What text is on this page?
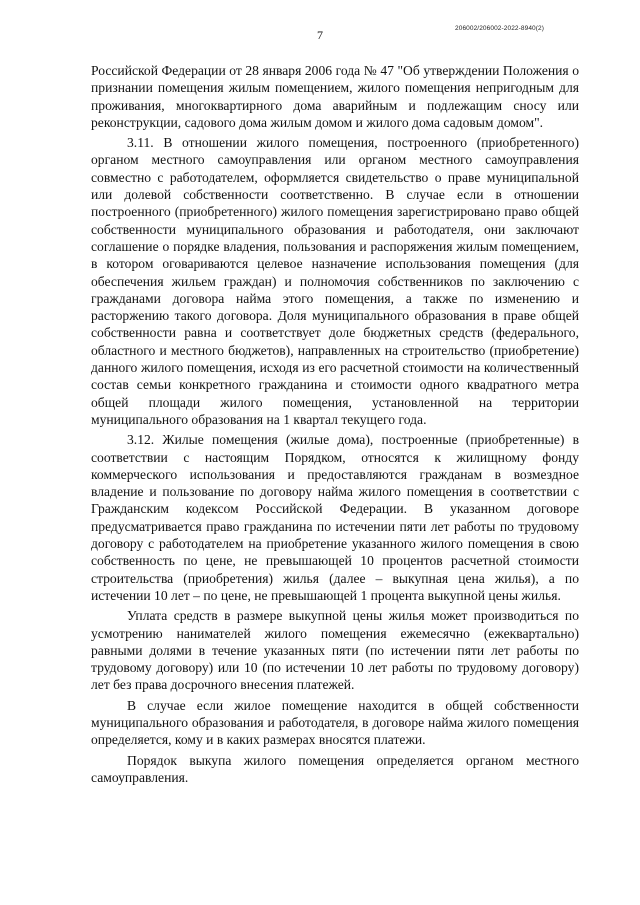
206002/206002-2022-8940(2)
7

Российской Федерации от 28 января 2006 года № 47 "Об утверждении Положения о признании помещения жилым помещением, жилого помещения непригодным для проживания, многоквартирного дома аварийным и подлежащим сносу или реконструкции, садового дома жилым домом и жилого дома садовым домом".

3.11. В отношении жилого помещения, построенного (приобретенного) органом местного самоуправления или органом местного самоуправления совместно с работодателем, оформляется свидетельство о праве муниципальной или долевой собственности соответственно. В случае если в отношении построенного (приобретенного) жилого помещения зарегистрировано право общей собственности муниципального образования и работодателя, они заключают соглашение о порядке владения, пользования и распоряжения жилым помещением, в котором оговариваются целевое назначение использования помещения (для обеспечения жильем граждан) и полномочия собственников по заключению с гражданами договора найма этого помещения, а также по изменению и расторжению такого договора. Доля муниципального образования в праве общей собственности равна и соответствует доле бюджетных средств (федерального, областного и местного бюджетов), направленных на строительство (приобретение) данного жилого помещения, исходя из его расчетной стоимости на количественный состав семьи конкретного гражданина и стоимости одного квадратного метра общей площади жилого помещения, установленной на территории муниципального образования на 1 квартал текущего года.

3.12. Жилые помещения (жилые дома), построенные (приобретенные) в соответствии с настоящим Порядком, относятся к жилищному фонду коммерческого использования и предоставляются гражданам в возмездное владение и пользование по договору найма жилого помещения в соответствии с Гражданским кодексом Российской Федерации. В указанном договоре предусматривается право гражданина по истечении пяти лет работы по трудовому договору с работодателем на приобретение указанного жилого помещения в свою собственность по цене, не превышающей 10 процентов расчетной стоимости строительства (приобретения) жилья (далее – выкупная цена жилья), а по истечении 10 лет – по цене, не превышающей 1 процента выкупной цены жилья.

Уплата средств в размере выкупной цены жилья может производиться по усмотрению нанимателей жилого помещения ежемесячно (ежеквартально) равными долями в течение указанных пяти (по истечении пяти лет работы по трудовому договору) или 10 (по истечении 10 лет работы по трудовому договору) лет без права досрочного внесения платежей.

В случае если жилое помещение находится в общей собственности муниципального образования и работодателя, в договоре найма жилого помещения определяется, кому и в каких размерах вносятся платежи.

Порядок выкупа жилого помещения определяется органом местного самоуправления.
